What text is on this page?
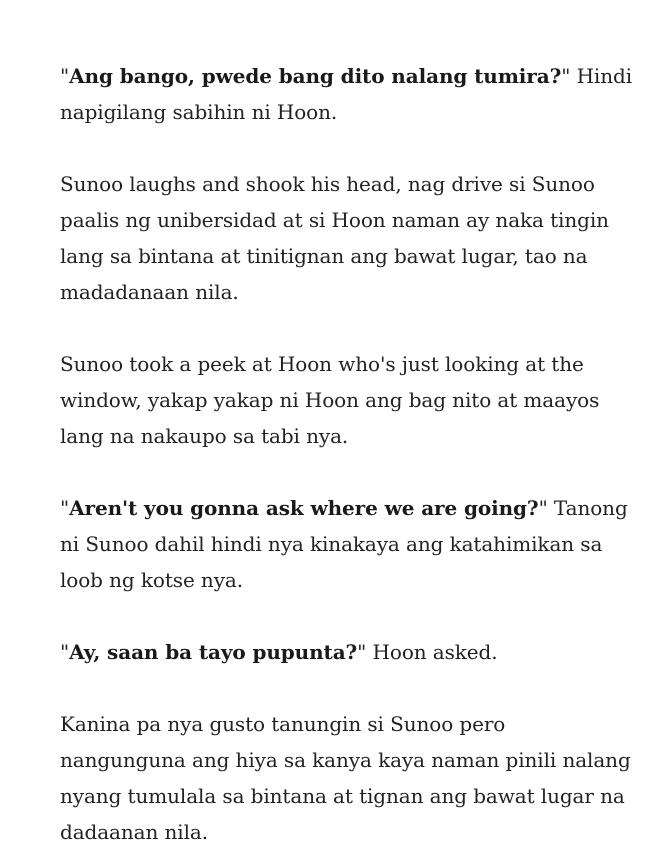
"Ang bango, pwede bang dito nalang tumira?" Hindi napigilang sabihin ni Hoon.

Sunoo laughs and shook his head, nag drive si Sunoo paalis ng unibersidad at si Hoon naman ay naka tingin lang sa bintana at tinitignan ang bawat lugar, tao na madadanaan nila.

Sunoo took a peek at Hoon who's just looking at the window, yakap yakap ni Hoon ang bag nito at maayos lang na nakaupo sa tabi nya.

"Aren't you gonna ask where we are going?" Tanong ni Sunoo dahil hindi nya kinakaya ang katahimikan sa loob ng kotse nya.

"Ay, saan ba tayo pupunta?" Hoon asked.

Kanina pa nya gusto tanungin si Sunoo pero nangunguna ang hiya sa kanya kaya naman pinili nalang nyang tumulala sa bintana at tignan ang bawat lugar na dadaanan nila.
